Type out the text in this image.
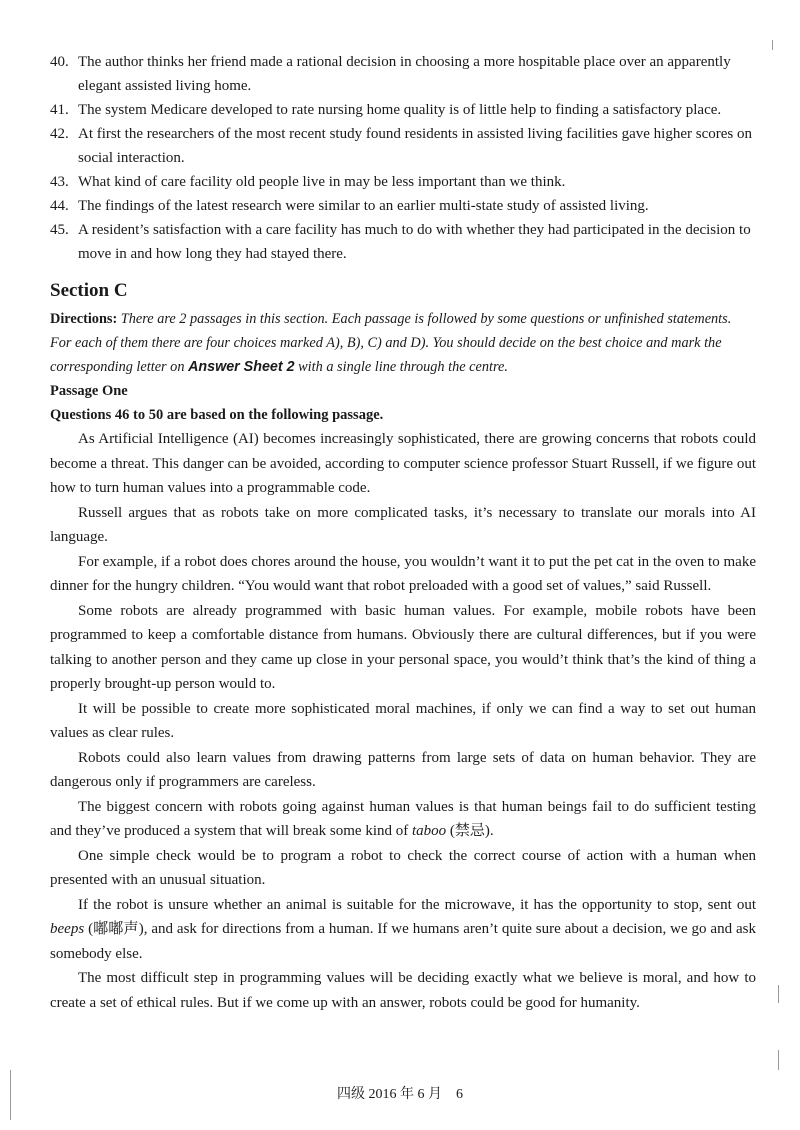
40. The author thinks her friend made a rational decision in choosing a more hospitable place over an apparently elegant assisted living home.

41. The system Medicare developed to rate nursing home quality is of little help to finding a satisfactory place.

42. At first the researchers of the most recent study found residents in assisted living facilities gave higher scores on social interaction.

43. What kind of care facility old people live in may be less important than we think.

44. The findings of the latest research were similar to an earlier multi-state study of assisted living.

45. A resident’s satisfaction with a care facility has much to do with whether they had participated in the decision to move in and how long they had stayed there.

Section C

Directions: There are 2 passages in this section. Each passage is followed by some questions or unfinished statements. For each of them there are four choices marked A), B), C) and D). You should decide on the best choice and mark the corresponding letter on Answer Sheet 2 with a single line through the centre.

Passage One

Questions 46 to 50 are based on the following passage.

As Artificial Intelligence (AI) becomes increasingly sophisticated, there are growing concerns that robots could become a threat. This danger can be avoided, according to computer science professor Stuart Russell, if we figure out how to turn human values into a programmable code.

Russell argues that as robots take on more complicated tasks, it’s necessary to translate our morals into AI language.

For example, if a robot does chores around the house, you wouldn’t want it to put the pet cat in the oven to make dinner for the hungry children. “You would want that robot preloaded with a good set of values,” said Russell.

Some robots are already programmed with basic human values. For example, mobile robots have been programmed to keep a comfortable distance from humans. Obviously there are cultural differences, but if you were talking to another person and they came up close in your personal space, you would’t think that’s the kind of thing a properly brought-up person would to.

It will be possible to create more sophisticated moral machines, if only we can find a way to set out human values as clear rules.

Robots could also learn values from drawing patterns from large sets of data on human behavior. They are dangerous only if programmers are careless.

The biggest concern with robots going against human values is that human beings fail to do sufficient testing and they’ve produced a system that will break some kind of taboo (禁忌).

One simple check would be to program a robot to check the correct course of action with a human when presented with an unusual situation.

If the robot is unsure whether an animal is suitable for the microwave, it has the opportunity to stop, sent out beeps (嘟嘟声), and ask for directions from a human. If we humans aren’t quite sure about a decision, we go and ask somebody else.

The most difficult step in programming values will be deciding exactly what we believe is moral, and how to create a set of ethical rules. But if we come up with an answer, robots could be good for humanity.

四级 2016 年 6 月　6
